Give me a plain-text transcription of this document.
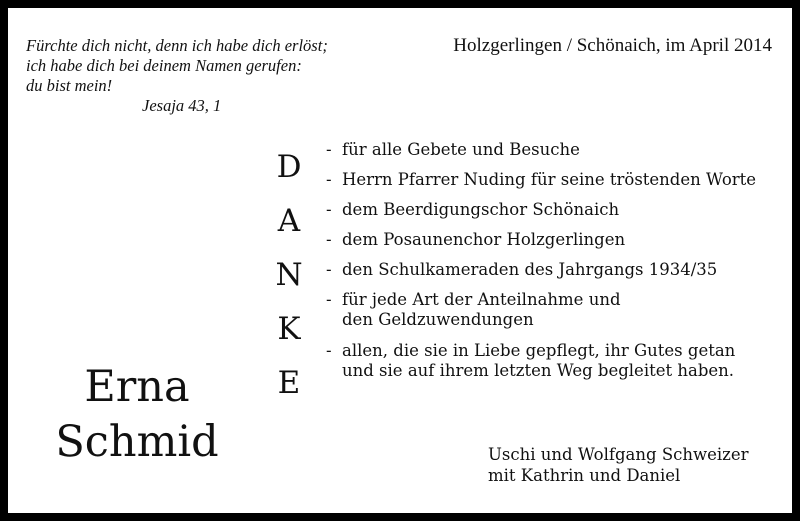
Fürchte dich nicht, denn ich habe dich erlöst;
ich habe dich bei deinem Namen gerufen:
du bist mein!
Jesaja 43, 1
Holzgerlingen / Schönaich, im April 2014
D
A
N
K
E
- für alle Gebete und Besuche
- Herrn Pfarrer Nuding für seine tröstenden Worte
- dem Beerdigungschor Schönaich
- dem Posaunenchor Holzgerlingen
- den Schulkameraden des Jahrgangs 1934/35
- für jede Art der Anteilnahme und
den Geldzuwendungen
- allen, die sie in Liebe gepflegt, ihr Gutes getan
und sie auf ihrem letzten Weg begleitet haben.
Erna
Schmid	Uschi und Wolfgang Schweizer
mit Kathrin und Daniel
